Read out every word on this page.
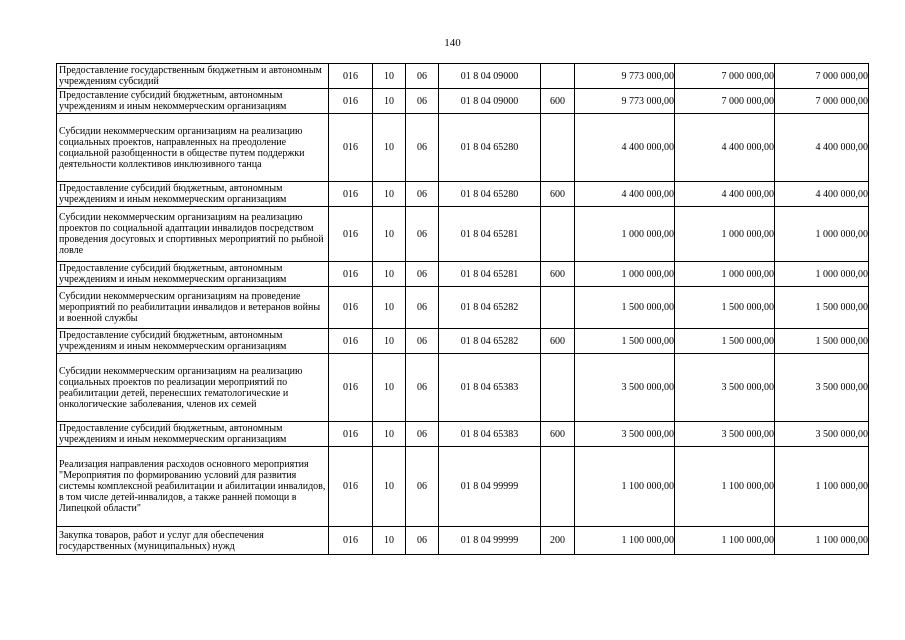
140
Предоставление государственным бюджетным и автономным учреждениям субсидий	016	10	06	01 8 04 09000		9 773 000,00	7 000 000,00	7 000 000,00
Предоставление субсидий бюджетным, автономным учреждениям и иным некоммерческим организациям	016	10	06	01 8 04 09000	600	9 773 000,00	7 000 000,00	7 000 000,00
Субсидии некоммерческим организациям на реализацию социальных проектов, направленных на преодоление социальной разобщенности в обществе путем поддержки деятельности коллективов инклюзивного танца	016	10	06	01 8 04 65280		4 400 000,00	4 400 000,00	4 400 000,00
Предоставление субсидий бюджетным, автономным учреждениям и иным некоммерческим организациям	016	10	06	01 8 04 65280	600	4 400 000,00	4 400 000,00	4 400 000,00
Субсидии некоммерческим организациям на реализацию проектов по социальной адаптации инвалидов посредством проведения досуговых и спортивных мероприятий по рыбной ловле	016	10	06	01 8 04 65281		1 000 000,00	1 000 000,00	1 000 000,00
Предоставление субсидий бюджетным, автономным учреждениям и иным некоммерческим организациям	016	10	06	01 8 04 65281	600	1 000 000,00	1 000 000,00	1 000 000,00
Субсидии некоммерческим организациям на проведение мероприятий по реабилитации инвалидов и ветеранов войны и военной службы	016	10	06	01 8 04 65282		1 500 000,00	1 500 000,00	1 500 000,00
Предоставление субсидий бюджетным, автономным учреждениям и иным некоммерческим организациям	016	10	06	01 8 04 65282	600	1 500 000,00	1 500 000,00	1 500 000,00
Субсидии некоммерческим организациям на реализацию социальных проектов по реализации мероприятий по реабилитации детей, перенесших гематологические и онкологические заболевания, членов их семей	016	10	06	01 8 04 65383		3 500 000,00	3 500 000,00	3 500 000,00
Предоставление субсидий бюджетным, автономным учреждениям и иным некоммерческим организациям	016	10	06	01 8 04 65383	600	3 500 000,00	3 500 000,00	3 500 000,00
Реализация направления расходов основного мероприятия "Мероприятия по формированию условий для развития системы комплексной реабилитации и абилитации инвалидов, в том числе детей-инвалидов, а также ранней помощи в Липецкой области"	016	10	06	01 8 04 99999		1 100 000,00	1 100 000,00	1 100 000,00
Закупка товаров, работ и услуг для обеспечения государственных (муниципальных) нужд	016	10	06	01 8 04 99999	200	1 100 000,00	1 100 000,00	1 100 000,00
